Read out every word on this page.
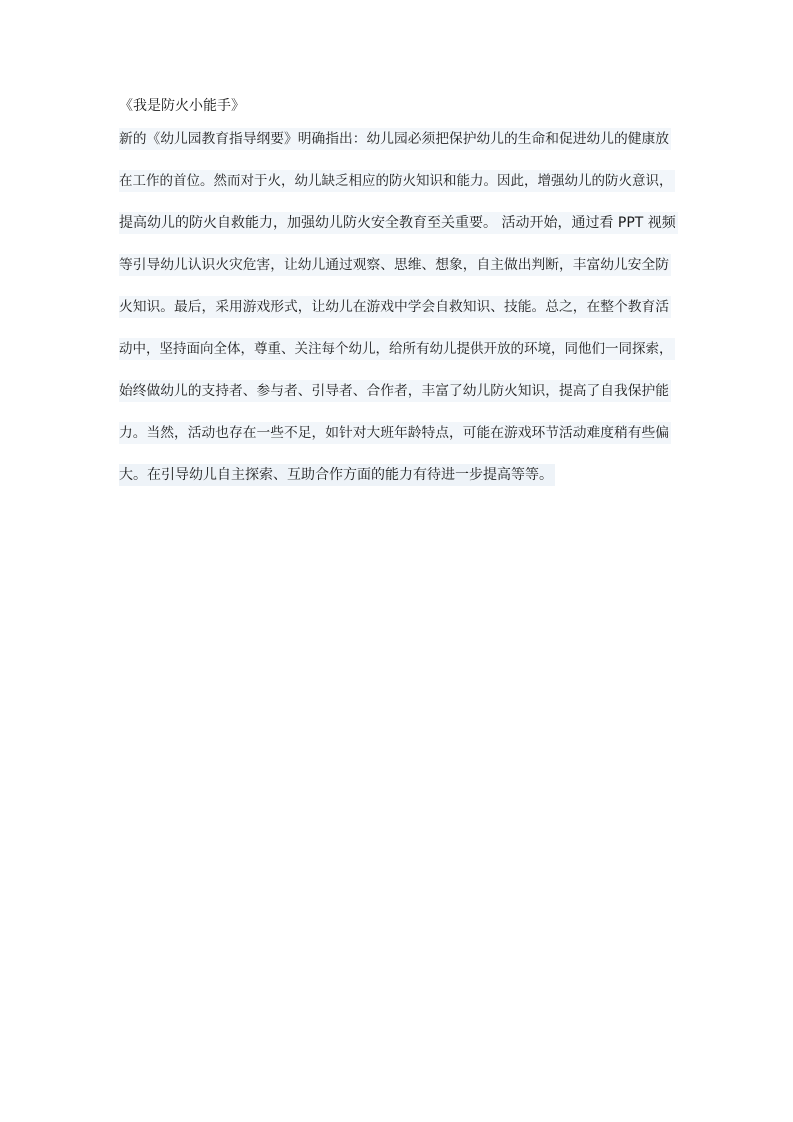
《我是防火小能手》
新的《幼儿园教育指导纲要》明确指出：幼儿园必须把保护幼儿的生命和促进幼儿的健康放
在工作的首位。然而对于火，幼儿缺乏相应的防火知识和能力。因此，增强幼儿的防火意识，
提高幼儿的防火自救能力，加强幼儿防火安全教育至关重要。 活动开始，通过看 PPT 视频
等引导幼儿认识火灾危害，让幼儿通过观察、思维、想象，自主做出判断，丰富幼儿安全防
火知识。最后，采用游戏形式，让幼儿在游戏中学会自救知识、技能。总之，在整个教育活
动中，坚持面向全体，尊重、关注每个幼儿，给所有幼儿提供开放的环境，同他们一同探索，
始终做幼儿的支持者、参与者、引导者、合作者，丰富了幼儿防火知识，提高了自我保护能
力。当然，活动也存在一些不足，如针对大班年龄特点，可能在游戏环节活动难度稍有些偏
大。在引导幼儿自主探索、互助合作方面的能力有待进一步提高等等。
